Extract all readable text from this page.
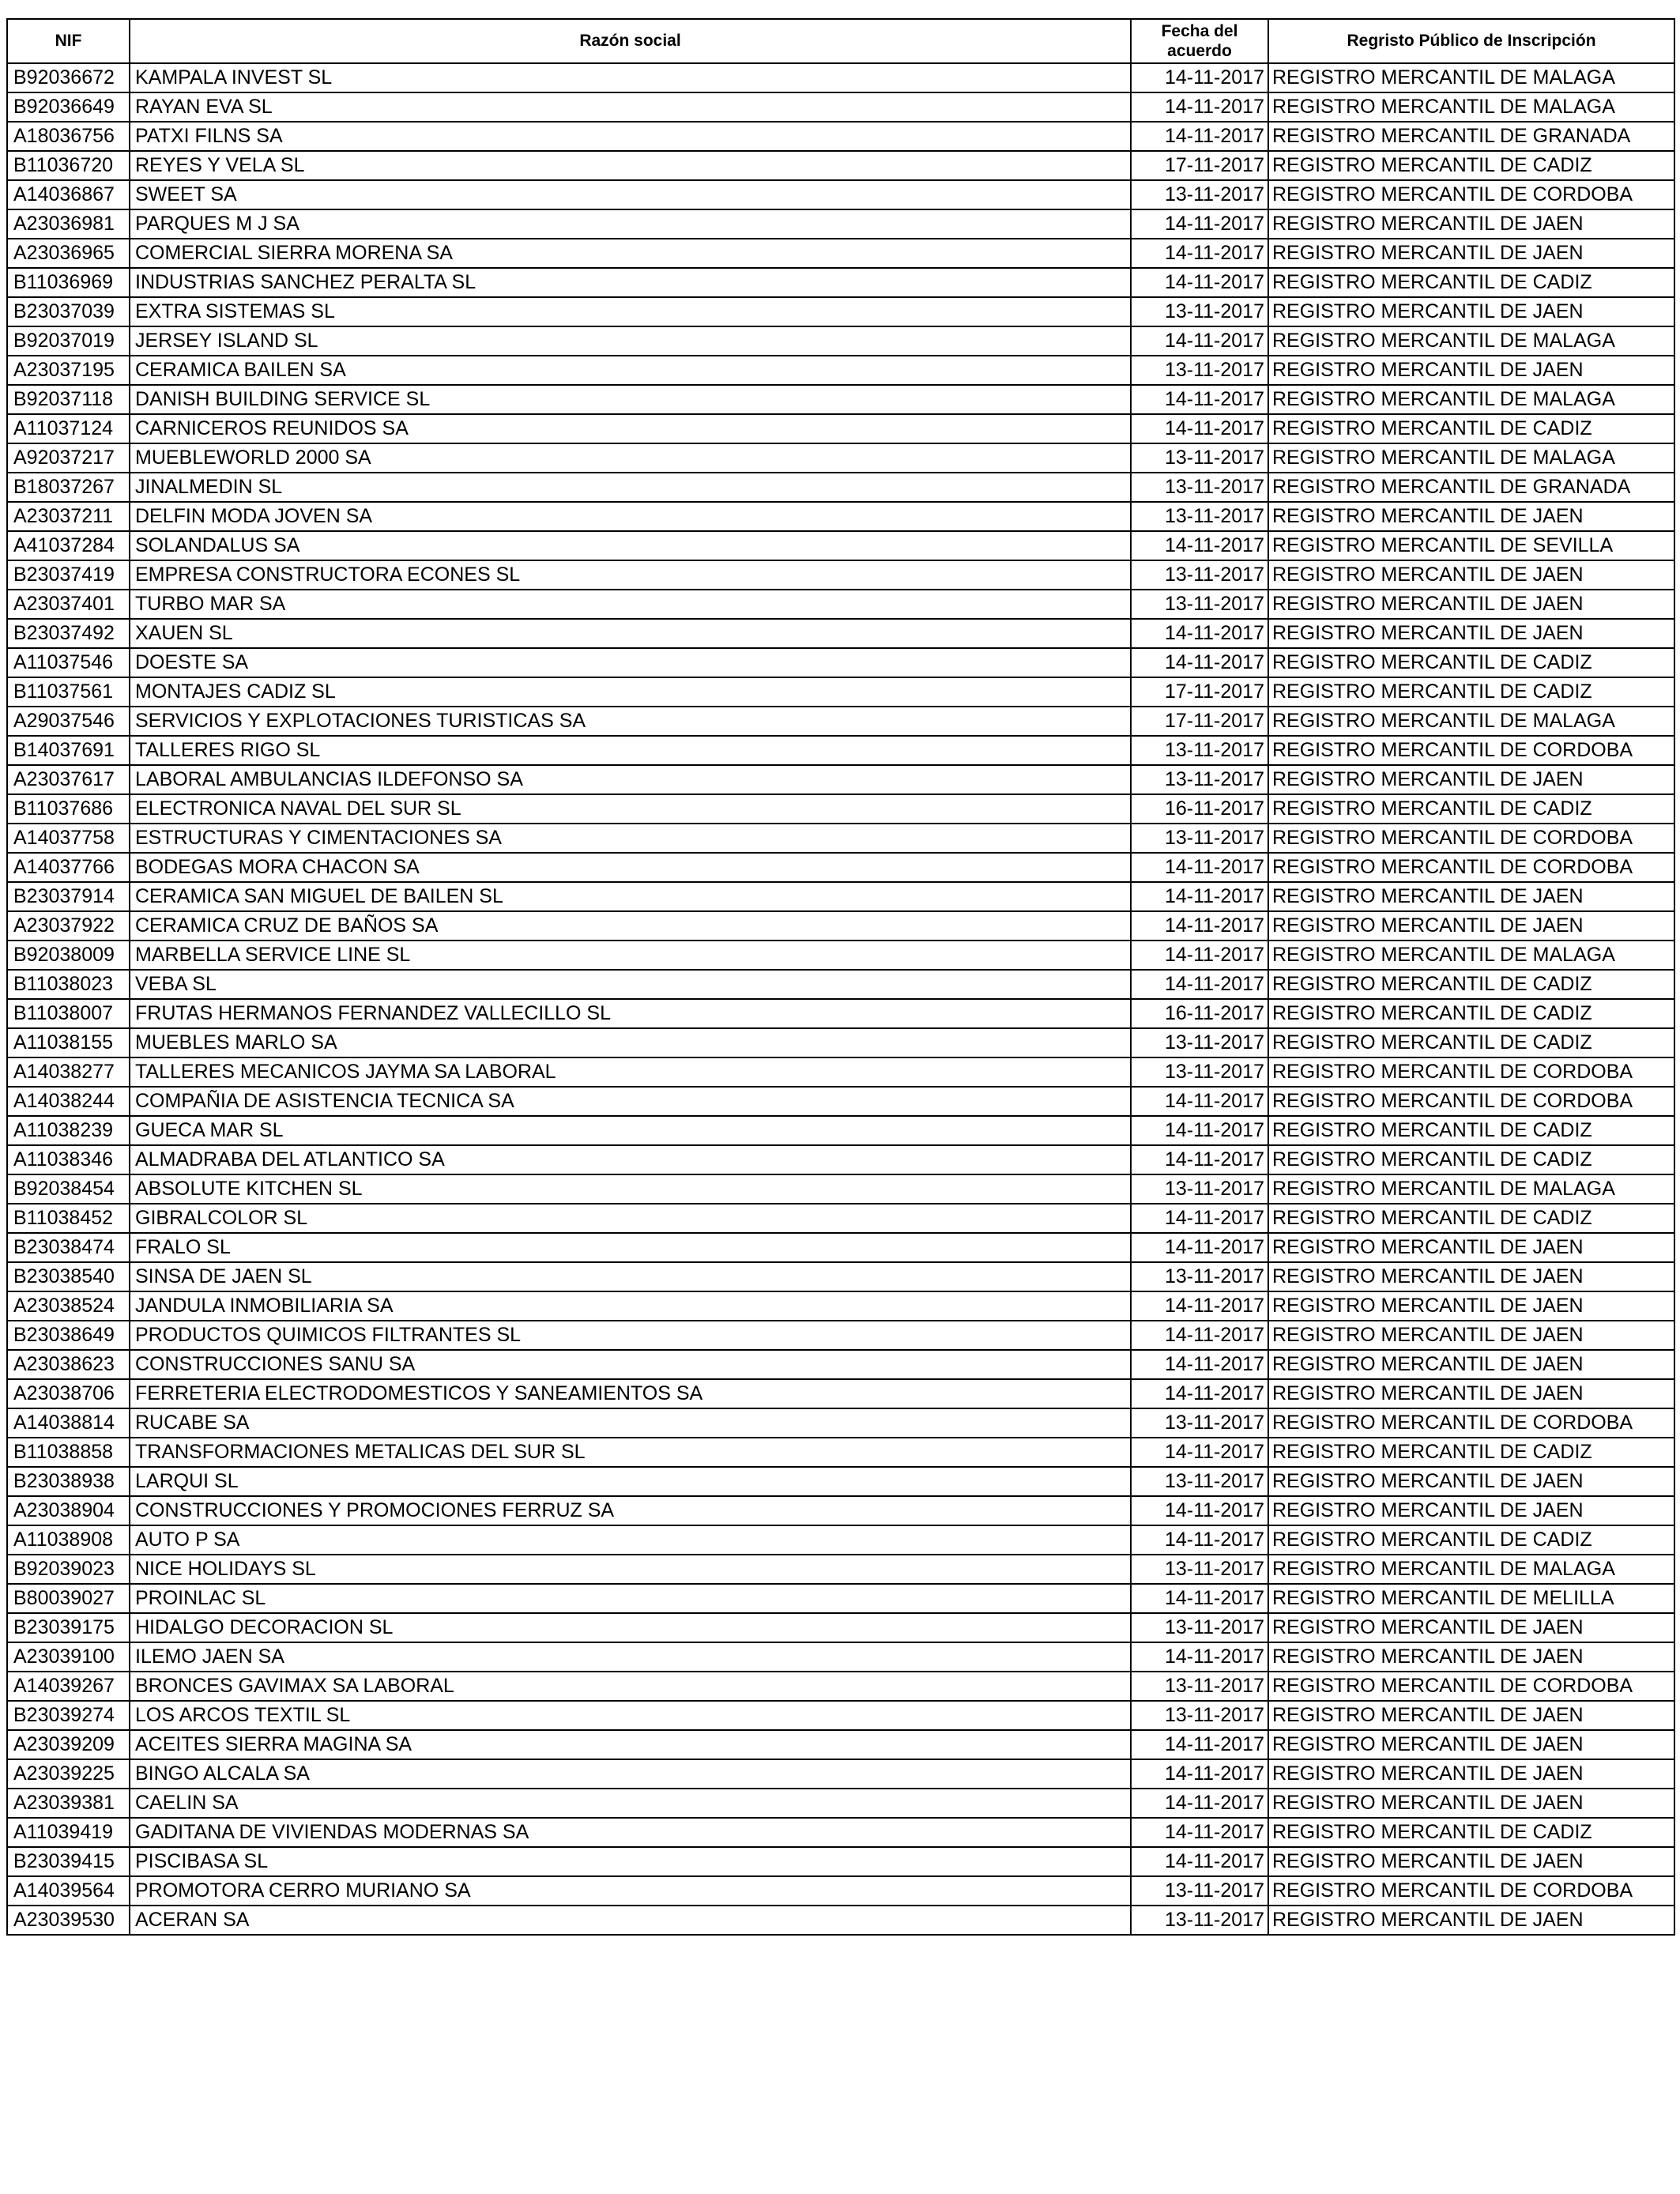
NIF	Razón social	Fecha del acuerdo	Regristo Público de Inscripción
B92036672	KAMPALA INVEST SL	14-11-2017	REGISTRO MERCANTIL DE MALAGA
B92036649	RAYAN EVA SL	14-11-2017	REGISTRO MERCANTIL DE MALAGA
A18036756	PATXI FILNS SA	14-11-2017	REGISTRO MERCANTIL DE GRANADA
B11036720	REYES Y VELA SL	17-11-2017	REGISTRO MERCANTIL DE CADIZ
A14036867	SWEET SA	13-11-2017	REGISTRO MERCANTIL DE CORDOBA
A23036981	PARQUES M J SA	14-11-2017	REGISTRO MERCANTIL DE JAEN
A23036965	COMERCIAL SIERRA MORENA SA	14-11-2017	REGISTRO MERCANTIL DE JAEN
B11036969	INDUSTRIAS SANCHEZ PERALTA SL	14-11-2017	REGISTRO MERCANTIL DE CADIZ
B23037039	EXTRA SISTEMAS SL	13-11-2017	REGISTRO MERCANTIL DE JAEN
B92037019	JERSEY ISLAND SL	14-11-2017	REGISTRO MERCANTIL DE MALAGA
A23037195	CERAMICA BAILEN SA	13-11-2017	REGISTRO MERCANTIL DE JAEN
B92037118	DANISH BUILDING SERVICE SL	14-11-2017	REGISTRO MERCANTIL DE MALAGA
A11037124	CARNICEROS REUNIDOS SA	14-11-2017	REGISTRO MERCANTIL DE CADIZ
A92037217	MUEBLEWORLD 2000 SA	13-11-2017	REGISTRO MERCANTIL DE MALAGA
B18037267	JINALMEDIN SL	13-11-2017	REGISTRO MERCANTIL DE GRANADA
A23037211	DELFIN MODA JOVEN SA	13-11-2017	REGISTRO MERCANTIL DE JAEN
A41037284	SOLANDALUS SA	14-11-2017	REGISTRO MERCANTIL DE SEVILLA
B23037419	EMPRESA CONSTRUCTORA ECONES SL	13-11-2017	REGISTRO MERCANTIL DE JAEN
A23037401	TURBO MAR SA	13-11-2017	REGISTRO MERCANTIL DE JAEN
B23037492	XAUEN SL	14-11-2017	REGISTRO MERCANTIL DE JAEN
A11037546	DOESTE SA	14-11-2017	REGISTRO MERCANTIL DE CADIZ
B11037561	MONTAJES CADIZ SL	17-11-2017	REGISTRO MERCANTIL DE CADIZ
A29037546	SERVICIOS Y EXPLOTACIONES TURISTICAS SA	17-11-2017	REGISTRO MERCANTIL DE MALAGA
B14037691	TALLERES RIGO SL	13-11-2017	REGISTRO MERCANTIL DE CORDOBA
A23037617	LABORAL AMBULANCIAS ILDEFONSO SA	13-11-2017	REGISTRO MERCANTIL DE JAEN
B11037686	ELECTRONICA NAVAL DEL SUR SL	16-11-2017	REGISTRO MERCANTIL DE CADIZ
A14037758	ESTRUCTURAS Y CIMENTACIONES SA	13-11-2017	REGISTRO MERCANTIL DE CORDOBA
A14037766	BODEGAS MORA CHACON SA	14-11-2017	REGISTRO MERCANTIL DE CORDOBA
B23037914	CERAMICA SAN MIGUEL DE BAILEN SL	14-11-2017	REGISTRO MERCANTIL DE JAEN
A23037922	CERAMICA CRUZ DE BAÑOS SA	14-11-2017	REGISTRO MERCANTIL DE JAEN
B92038009	MARBELLA SERVICE LINE SL	14-11-2017	REGISTRO MERCANTIL DE MALAGA
B11038023	VEBA SL	14-11-2017	REGISTRO MERCANTIL DE CADIZ
B11038007	FRUTAS HERMANOS FERNANDEZ VALLECILLO SL	16-11-2017	REGISTRO MERCANTIL DE CADIZ
A11038155	MUEBLES MARLO SA	13-11-2017	REGISTRO MERCANTIL DE CADIZ
A14038277	TALLERES MECANICOS JAYMA SA LABORAL	13-11-2017	REGISTRO MERCANTIL DE CORDOBA
A14038244	COMPAÑIA DE ASISTENCIA TECNICA SA	14-11-2017	REGISTRO MERCANTIL DE CORDOBA
A11038239	GUECA MAR SL	14-11-2017	REGISTRO MERCANTIL DE CADIZ
A11038346	ALMADRABA DEL ATLANTICO SA	14-11-2017	REGISTRO MERCANTIL DE CADIZ
B92038454	ABSOLUTE KITCHEN SL	13-11-2017	REGISTRO MERCANTIL DE MALAGA
B11038452	GIBRALCOLOR SL	14-11-2017	REGISTRO MERCANTIL DE CADIZ
B23038474	FRALO SL	14-11-2017	REGISTRO MERCANTIL DE JAEN
B23038540	SINSA DE JAEN SL	13-11-2017	REGISTRO MERCANTIL DE JAEN
A23038524	JANDULA INMOBILIARIA SA	14-11-2017	REGISTRO MERCANTIL DE JAEN
B23038649	PRODUCTOS QUIMICOS FILTRANTES SL	14-11-2017	REGISTRO MERCANTIL DE JAEN
A23038623	CONSTRUCCIONES SANU SA	14-11-2017	REGISTRO MERCANTIL DE JAEN
A23038706	FERRETERIA ELECTRODOMESTICOS Y SANEAMIENTOS SA	14-11-2017	REGISTRO MERCANTIL DE JAEN
A14038814	RUCABE SA	13-11-2017	REGISTRO MERCANTIL DE CORDOBA
B11038858	TRANSFORMACIONES METALICAS DEL SUR SL	14-11-2017	REGISTRO MERCANTIL DE CADIZ
B23038938	LARQUI SL	13-11-2017	REGISTRO MERCANTIL DE JAEN
A23038904	CONSTRUCCIONES Y PROMOCIONES FERRUZ SA	14-11-2017	REGISTRO MERCANTIL DE JAEN
A11038908	AUTO P SA	14-11-2017	REGISTRO MERCANTIL DE CADIZ
B92039023	NICE HOLIDAYS SL	13-11-2017	REGISTRO MERCANTIL DE MALAGA
B80039027	PROINLAC SL	14-11-2017	REGISTRO MERCANTIL DE MELILLA
B23039175	HIDALGO DECORACION SL	13-11-2017	REGISTRO MERCANTIL DE JAEN
A23039100	ILEMO JAEN SA	14-11-2017	REGISTRO MERCANTIL DE JAEN
A14039267	BRONCES GAVIMAX SA LABORAL	13-11-2017	REGISTRO MERCANTIL DE CORDOBA
B23039274	LOS ARCOS TEXTIL SL	13-11-2017	REGISTRO MERCANTIL DE JAEN
A23039209	ACEITES SIERRA MAGINA SA	14-11-2017	REGISTRO MERCANTIL DE JAEN
A23039225	BINGO ALCALA SA	14-11-2017	REGISTRO MERCANTIL DE JAEN
A23039381	CAELIN SA	14-11-2017	REGISTRO MERCANTIL DE JAEN
A11039419	GADITANA DE VIVIENDAS MODERNAS SA	14-11-2017	REGISTRO MERCANTIL DE CADIZ
B23039415	PISCIBASA SL	14-11-2017	REGISTRO MERCANTIL DE JAEN
A14039564	PROMOTORA CERRO MURIANO SA	13-11-2017	REGISTRO MERCANTIL DE CORDOBA
A23039530	ACERAN SA	13-11-2017	REGISTRO MERCANTIL DE JAEN
